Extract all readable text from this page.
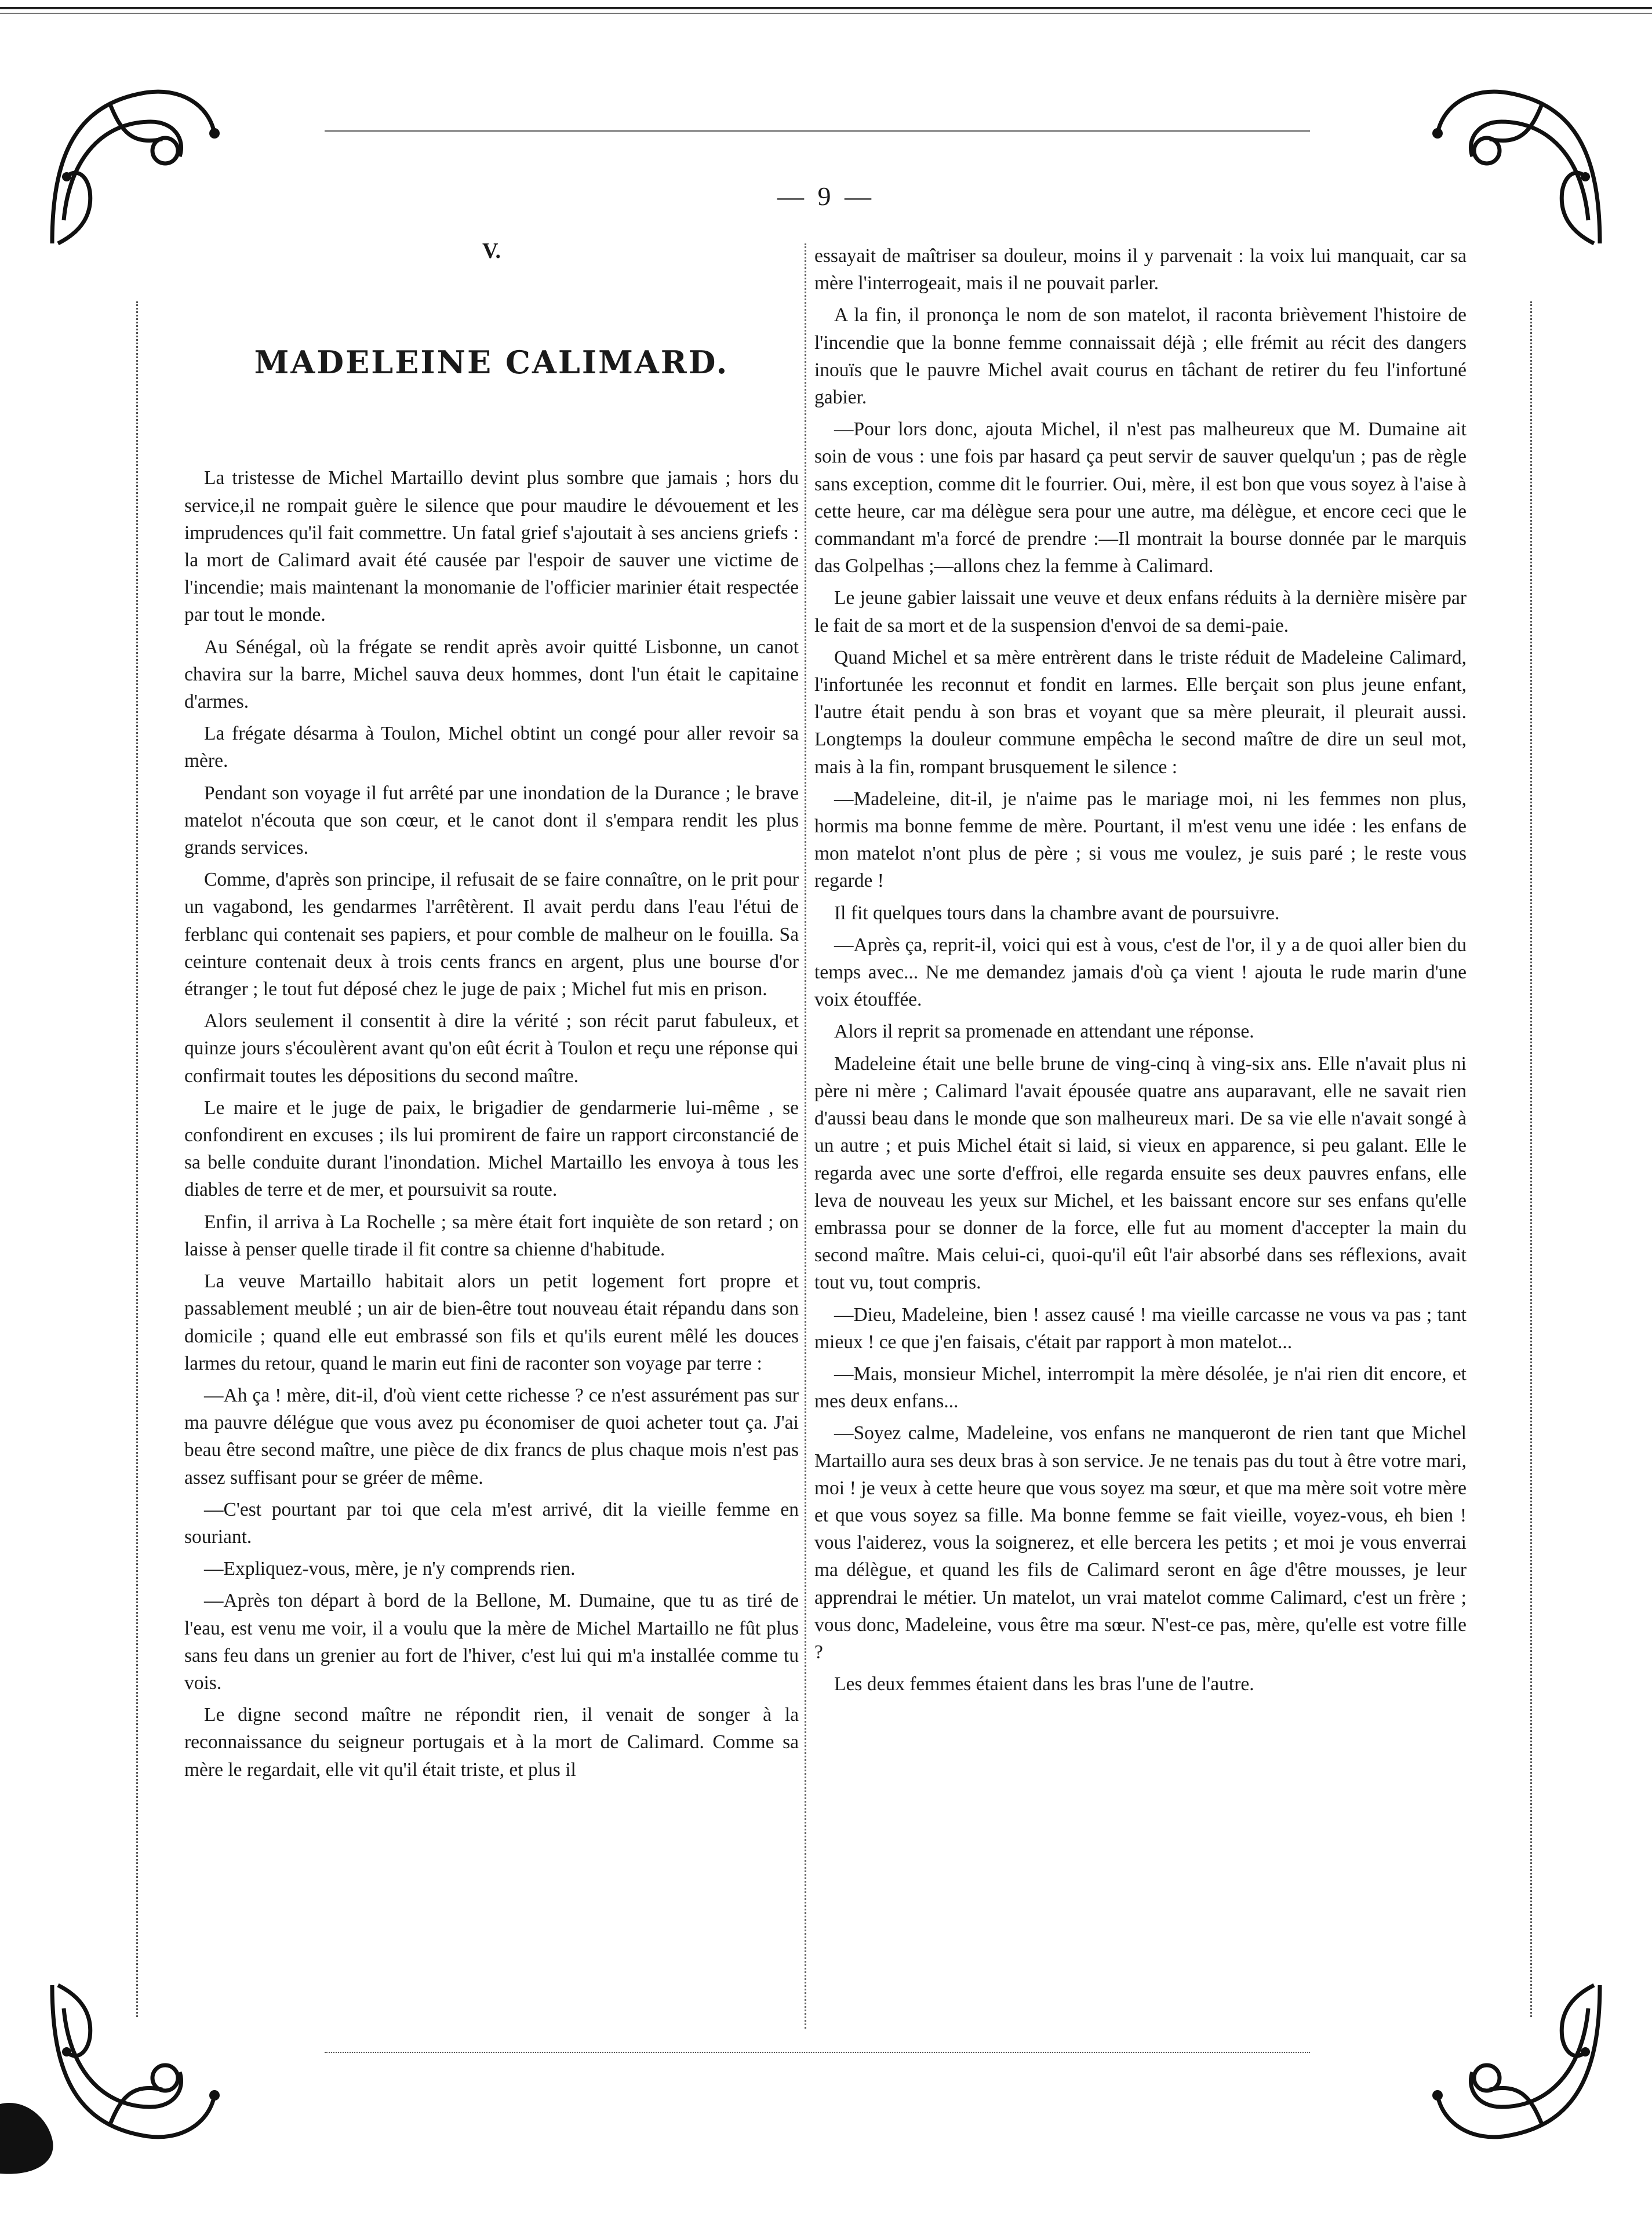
— 9 —
V.
MADELEINE CALIMARD.

La tristesse de Michel Martaillo devint plus sombre que jamais ; hors du service,il ne rompait guère le silence que pour maudire le dévouement et les imprudences qu'il fait commettre. Un fatal grief s'ajoutait à ses anciens griefs : la mort de Calimard avait été causée par l'espoir de sauver une victime de l'incendie; mais maintenant la monomanie de l'officier marinier était respectée par tout le monde.

Au Sénégal, où la frégate se rendit après avoir quitté Lisbonne, un canot chavira sur la barre, Michel sauva deux hommes, dont l'un était le capitaine d'armes.

La frégate désarma à Toulon, Michel obtint un congé pour aller revoir sa mère.

Pendant son voyage il fut arrêté par une inondation de la Durance ; le brave matelot n'écouta que son cœur, et le canot dont il s'empara rendit les plus grands services.

Comme, d'après son principe, il refusait de se faire connaître, on le prit pour un vagabond, les gendarmes l'arrêtèrent. Il avait perdu dans l'eau l'étui de ferblanc qui contenait ses papiers, et pour comble de malheur on le fouilla. Sa ceinture contenait deux à trois cents francs en argent, plus une bourse d'or étranger ; le tout fut déposé chez le juge de paix ; Michel fut mis en prison.

Alors seulement il consentit à dire la vérité ; son récit parut fabuleux, et quinze jours s'écoulèrent avant qu'on eût écrit à Toulon et reçu une réponse qui confirmait toutes les dépositions du second maître.

Le maire et le juge de paix, le brigadier de gendarmerie lui-même , se confondirent en excuses ; ils lui promirent de faire un rapport circonstancié de sa belle conduite durant l'inondation. Michel Martaillo les envoya à tous les diables de terre et de mer, et poursuivit sa route.

Enfin, il arriva à La Rochelle ; sa mère était fort inquiète de son retard ; on laisse à penser quelle tirade il fit contre sa chienne d'habitude.

La veuve Martaillo habitait alors un petit logement fort propre et passablement meublé ; un air de bien-être tout nouveau était répandu dans son domicile ; quand elle eut embrassé son fils et qu'ils eurent mêlé les douces larmes du retour, quand le marin eut fini de raconter son voyage par terre :

—Ah ça ! mère, dit-il, d'où vient cette richesse ? ce n'est assurément pas sur ma pauvre délégue que vous avez pu économiser de quoi acheter tout ça. J'ai beau être second maître, une pièce de dix francs de plus chaque mois n'est pas assez suffisant pour se gréer de même.

—C'est pourtant par toi que cela m'est arrivé, dit la vieille femme en souriant.

—Expliquez-vous, mère, je n'y comprends rien.

—Après ton départ à bord de la Bellone, M. Dumaine, que tu as tiré de l'eau, est venu me voir, il a voulu que la mère de Michel Martaillo ne fût plus sans feu dans un grenier au fort de l'hiver, c'est lui qui m'a installée comme tu vois.

Le digne second maître ne répondit rien, il venait de songer à la reconnaissance du seigneur portugais et à la mort de Calimard. Comme sa mère le regardait, elle vit qu'il était triste, et plus il

essayait de maîtriser sa douleur, moins il y parvenait : la voix lui manquait, car sa mère l'interrogeait, mais il ne pouvait parler.

A la fin, il prononça le nom de son matelot, il raconta brièvement l'histoire de l'incendie que la bonne femme connaissait déjà ; elle frémit au récit des dangers inouïs que le pauvre Michel avait courus en tâchant de retirer du feu l'infortuné gabier.

—Pour lors donc, ajouta Michel, il n'est pas malheureux que M. Dumaine ait soin de vous : une fois par hasard ça peut servir de sauver quelqu'un ; pas de règle sans exception, comme dit le fourrier. Oui, mère, il est bon que vous soyez à l'aise à cette heure, car ma délègue sera pour une autre, ma délègue, et encore ceci que le commandant m'a forcé de prendre :—Il montrait la bourse donnée par le marquis das Golpelhas ;—allons chez la femme à Calimard.

Le jeune gabier laissait une veuve et deux enfans réduits à la dernière misère par le fait de sa mort et de la suspension d'envoi de sa demi-paie.

Quand Michel et sa mère entrèrent dans le triste réduit de Madeleine Calimard, l'infortunée les reconnut et fondit en larmes. Elle berçait son plus jeune enfant, l'autre était pendu à son bras et voyant que sa mère pleurait, il pleurait aussi. Longtemps la douleur commune empêcha le second maître de dire un seul mot, mais à la fin, rompant brusquement le silence :

—Madeleine, dit-il, je n'aime pas le mariage moi, ni les femmes non plus, hormis ma bonne femme de mère. Pourtant, il m'est venu une idée : les enfans de mon matelot n'ont plus de père ; si vous me voulez, je suis paré ; le reste vous regarde !

Il fit quelques tours dans la chambre avant de poursuivre.

—Après ça, reprit-il, voici qui est à vous, c'est de l'or, il y a de quoi aller bien du temps avec... Ne me demandez jamais d'où ça vient ! ajouta le rude marin d'une voix étouffée.

Alors il reprit sa promenade en attendant une réponse.

Madeleine était une belle brune de ving-cinq à ving-six ans. Elle n'avait plus ni père ni mère ; Calimard l'avait épousée quatre ans auparavant, elle ne savait rien d'aussi beau dans le monde que son malheureux mari. De sa vie elle n'avait songé à un autre ; et puis Michel était si laid, si vieux en apparence, si peu galant. Elle le regarda avec une sorte d'effroi, elle regarda ensuite ses deux pauvres enfans, elle leva de nouveau les yeux sur Michel, et les baissant encore sur ses enfans qu'elle embrassa pour se donner de la force, elle fut au moment d'accepter la main du second maître. Mais celui-ci, quoi-qu'il eût l'air absorbé dans ses réflexions, avait tout vu, tout compris.

—Dieu, Madeleine, bien ! assez causé ! ma vieille carcasse ne vous va pas ; tant mieux ! ce que j'en faisais, c'était par rapport à mon matelot...

—Mais, monsieur Michel, interrompit la mère désolée, je n'ai rien dit encore, et mes deux enfans...

—Soyez calme, Madeleine, vos enfans ne manqueront de rien tant que Michel Martaillo aura ses deux bras à son service. Je ne tenais pas du tout à être votre mari, moi ! je veux à cette heure que vous soyez ma sœur, et que ma mère soit votre mère et que vous soyez sa fille. Ma bonne femme se fait vieille, voyez-vous, eh bien ! vous l'aiderez, vous la soignerez, et elle bercera les petits ; et moi je vous enverrai ma délègue, et quand les fils de Calimard seront en âge d'être mousses, je leur apprendrai le métier. Un matelot, un vrai matelot comme Calimard, c'est un frère ; vous donc, Madeleine, vous être ma sœur. N'est-ce pas, mère, qu'elle est votre fille ?

Les deux femmes étaient dans les bras l'une de l'autre.
